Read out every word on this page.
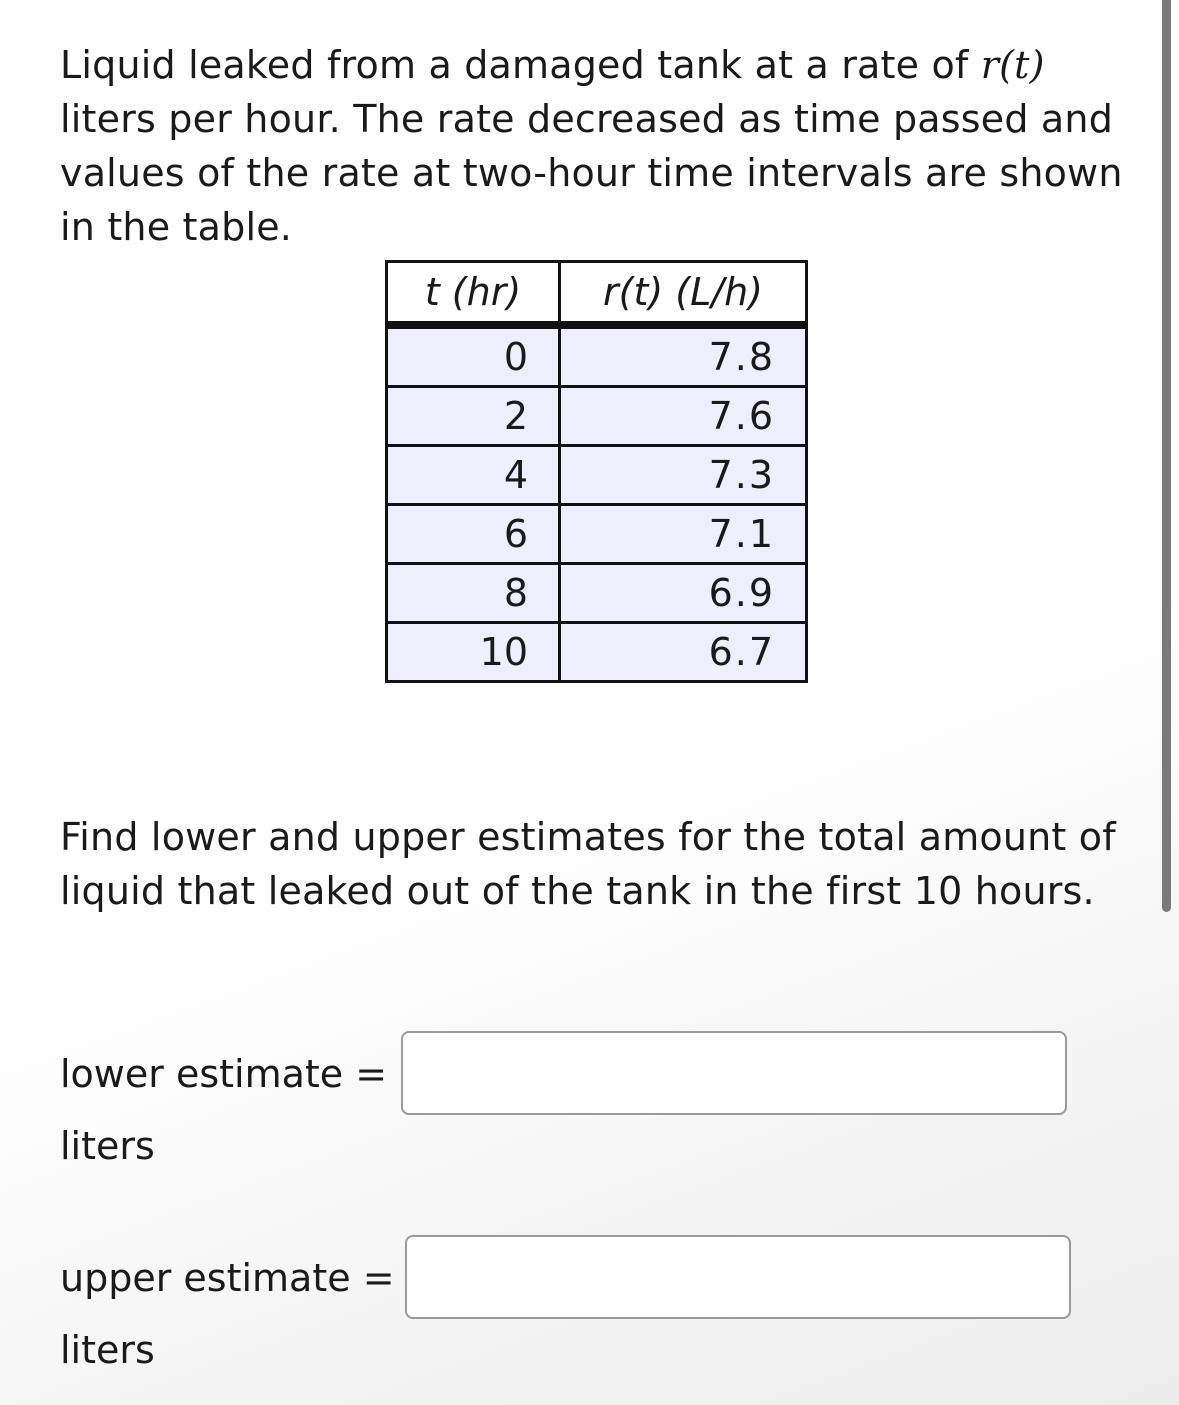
Liquid leaked from a damaged tank at a rate of r(t) liters per hour. The rate decreased as time passed and values of the rate at two-hour time intervals are shown in the table.

t (hr)	r(t) (L/h)
0	7.8
2	7.6
4	7.3
6	7.1
8	6.9
10	6.7

Find lower and upper estimates for the total amount of liquid that leaked out of the tank in the first 10 hours.

lower estimate =
liters
upper estimate =
liters
